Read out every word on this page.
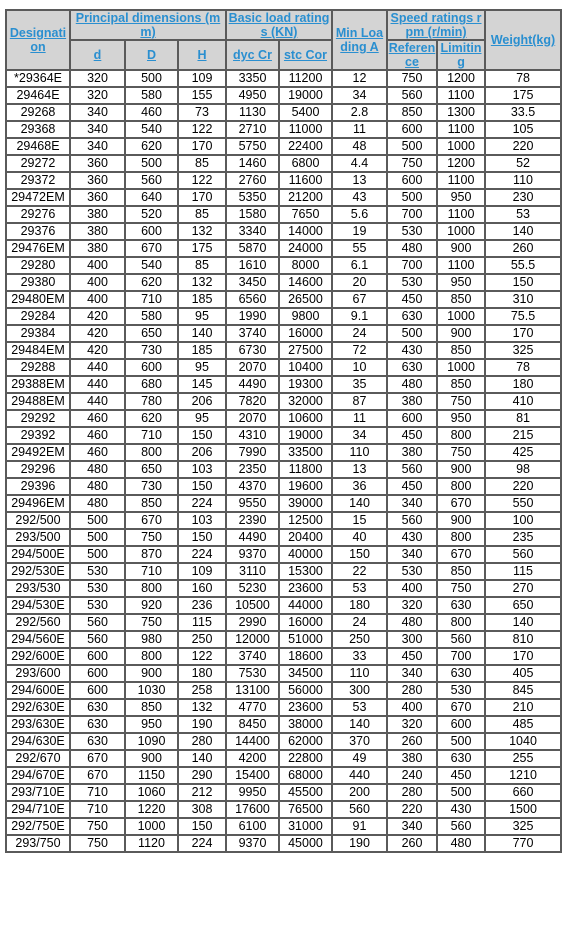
Designation	Principal dimensions (mm)			Basic load ratings (KN)		Min Loading A	Speed ratings rpm (r/min)		Weight(kg)
	d	D	H	dyc Cr	stc Cor		Reference	Limiting	
*29364E	320	500	109	3350	11200	12	750	1200	78
29464E	320	580	155	4950	19000	34	560	1100	175
29268	340	460	73	1130	5400	2.8	850	1300	33.5
29368	340	540	122	2710	11000	11	600	1100	105
29468E	340	620	170	5750	22400	48	500	1000	220
29272	360	500	85	1460	6800	4.4	750	1200	52
29372	360	560	122	2760	11600	13	600	1100	110
29472EM	360	640	170	5350	21200	43	500	950	230
29276	380	520	85	1580	7650	5.6	700	1100	53
29376	380	600	132	3340	14000	19	530	1000	140
29476EM	380	670	175	5870	24000	55	480	900	260
29280	400	540	85	1610	8000	6.1	700	1100	55.5
29380	400	620	132	3450	14600	20	530	950	150
29480EM	400	710	185	6560	26500	67	450	850	310
29284	420	580	95	1990	9800	9.1	630	1000	75.5
29384	420	650	140	3740	16000	24	500	900	170
29484EM	420	730	185	6730	27500	72	430	850	325
29288	440	600	95	2070	10400	10	630	1000	78
29388EM	440	680	145	4490	19300	35	480	850	180
29488EM	440	780	206	7820	32000	87	380	750	410
29292	460	620	95	2070	10600	11	600	950	81
29392	460	710	150	4310	19000	34	450	800	215
29492EM	460	800	206	7990	33500	110	380	750	425
29296	480	650	103	2350	11800	13	560	900	98
29396	480	730	150	4370	19600	36	450	800	220
29496EM	480	850	224	9550	39000	140	340	670	550
292/500	500	670	103	2390	12500	15	560	900	100
293/500	500	750	150	4490	20400	40	430	800	235
294/500E	500	870	224	9370	40000	150	340	670	560
292/530E	530	710	109	3110	15300	22	530	850	115
293/530	530	800	160	5230	23600	53	400	750	270
294/530E	530	920	236	10500	44000	180	320	630	650
292/560	560	750	115	2990	16000	24	480	800	140
294/560E	560	980	250	12000	51000	250	300	560	810
292/600E	600	800	122	3740	18600	33	450	700	170
293/600	600	900	180	7530	34500	110	340	630	405
294/600E	600	1030	258	13100	56000	300	280	530	845
292/630E	630	850	132	4770	23600	53	400	670	210
293/630E	630	950	190	8450	38000	140	320	600	485
294/630E	630	1090	280	14400	62000	370	260	500	1040
292/670	670	900	140	4200	22800	49	380	630	255
294/670E	670	1150	290	15400	68000	440	240	450	1210
293/710E	710	1060	212	9950	45500	200	280	500	660
294/710E	710	1220	308	17600	76500	560	220	430	1500
292/750E	750	1000	150	6100	31000	91	340	560	325
293/750	750	1120	224	9370	45000	190	260	480	770
